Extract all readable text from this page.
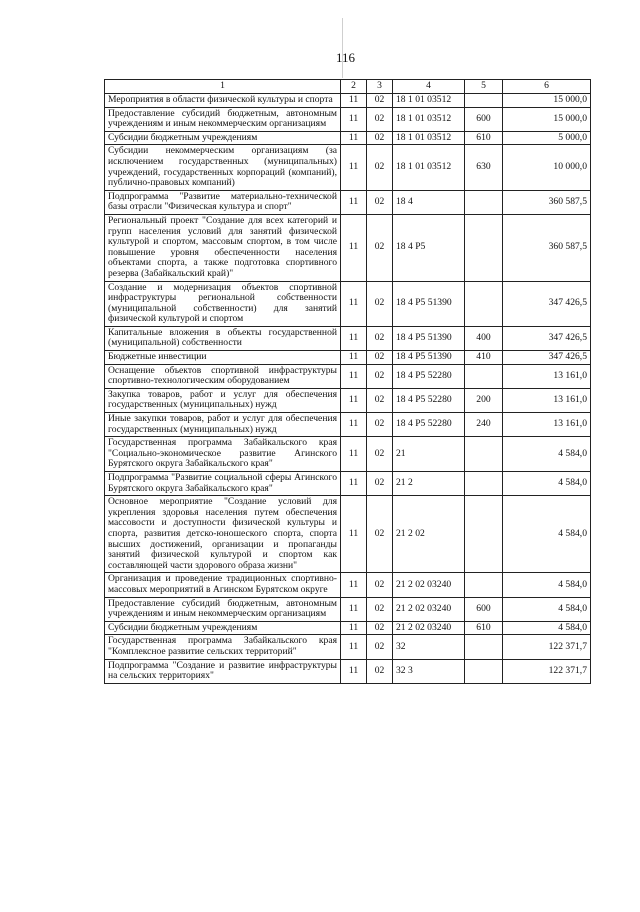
116
1	2	3	4	5	6
Мероприятия в области физической культуры и спорта	11	02	18 1 01 03512		15 000,0
Предоставление субсидий бюджетным, автономным учреждениям и иным некоммерческим организациям	11	02	18 1 01 03512	600	15 000,0
Субсидии бюджетным учреждениям	11	02	18 1 01 03512	610	5 000,0
Субсидии некоммерческим организациям (за исключением государственных (муниципальных) учреждений, государственных корпораций (компаний), публично-правовых компаний)	11	02	18 1 01 03512	630	10 000,0
Подпрограмма "Развитие материально-технической базы отрасли "Физическая культура и спорт"	11	02	18 4		360 587,5
Региональный проект "Создание для всех категорий и групп населения условий для занятий физической культурой и спортом, массовым спортом, в том числе повышение уровня обеспеченности населения объектами спорта, а также подготовка спортивного резерва (Забайкальский край)"	11	02	18 4 P5		360 587,5
Создание и модернизация объектов спортивной инфраструктуры региональной собственности (муниципальной собственности) для занятий физической культурой и спортом	11	02	18 4 P5 51390		347 426,5
Капитальные вложения в объекты государственной (муниципальной) собственности	11	02	18 4 P5 51390	400	347 426,5
Бюджетные инвестиции	11	02	18 4 P5 51390	410	347 426,5
Оснащение объектов спортивной инфраструктуры спортивно-технологическим оборудованием	11	02	18 4 P5 52280		13 161,0
Закупка товаров, работ и услуг для обеспечения государственных (муниципальных) нужд	11	02	18 4 P5 52280	200	13 161,0
Иные закупки товаров, работ и услуг для обеспечения государственных (муниципальных) нужд	11	02	18 4 P5 52280	240	13 161,0
Государственная программа Забайкальского края "Социально-экономическое развитие Агинского Бурятского округа Забайкальского края"	11	02	21		4 584,0
Подпрограмма "Развитие социальной сферы Агинского Бурятского округа Забайкальского края"	11	02	21 2		4 584,0
Основное мероприятие "Создание условий для укрепления здоровья населения путем обеспечения массовости и доступности физической культуры и спорта, развития детско-юношеского спорта, спорта высших достижений, организации и пропаганды занятий физической культурой и спортом как составляющей части здорового образа жизни"	11	02	21 2 02		4 584,0
Организация и проведение традиционных спортивно-массовых мероприятий в Агинском Бурятском округе	11	02	21 2 02 03240		4 584,0
Предоставление субсидий бюджетным, автономным учреждениям и иным некоммерческим организациям	11	02	21 2 02 03240	600	4 584,0
Субсидии бюджетным учреждениям	11	02	21 2 02 03240	610	4 584,0
Государственная программа Забайкальского края "Комплексное развитие сельских территорий"	11	02	32		122 371,7
Подпрограмма "Создание и развитие инфраструктуры на сельских территориях"	11	02	32 3		122 371,7
